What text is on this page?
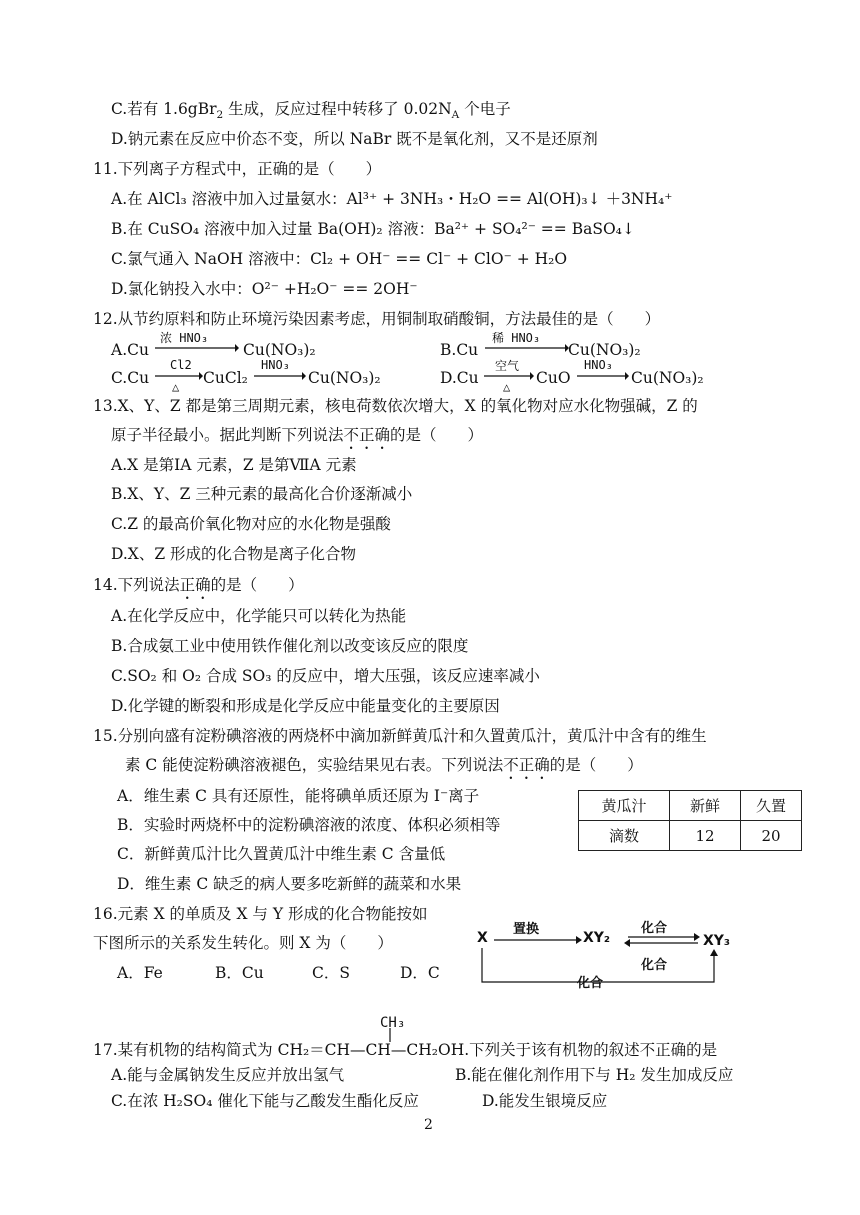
C.若有 1.6gBr$_2$ 生成，反应过程中转移了 $0.02N_A$ 个电子
D.钠元素在反应中价态不变，所以 NaBr 既不是氧化剂，又不是还原剂
11.下列离子方程式中，正确的是（　　）
A.在 AlCl₃ 溶液中加入过量氨水：Al³⁺ + 3NH₃・H₂O == Al(OH)₃↓ ＋3NH₄⁺
B.在 CuSO₄ 溶液中加入过量 Ba(OH)₂ 溶液：Ba²⁺ + SO₄²⁻ == BaSO₄↓
C.氯气通入 NaOH 溶液中：Cl₂ + OH⁻ == Cl⁻ + ClO⁻ + H₂O
D.氯化钠投入水中：O²⁻ +H₂O⁻ == 2OH⁻
12.从节约原料和防止环境污染因素考虑，用铜制取硝酸铜，方法最佳的是（　　）
A.Cu
浓 HNO₃
Cu(NO₃)₂	B.Cu
稀 HNO₃
Cu(NO₃)₂
C.Cu
Cl2
△ CuCl₂
HNO₃
Cu(NO₃)₂	D.Cu
空气
△ CuO
HNO₃
Cu(NO₃)₂
13.X、Y、Z 都是第三周期元素，核电荷数依次增大，X 的氧化物对应水化物强碱，Z 的
原子半径最小。据此判断下列说法不正确的是（　　）
A.X 是第ⅠA 元素，Z 是第ⅦA 元素
B.X、Y、Z 三种元素的最高化合价逐渐减小
C.Z 的最高价氧化物对应的水化物是强酸
D.X、Z 形成的化合物是离子化合物
14.下列说法正确的是（　　）
A.在化学反应中，化学能只可以转化为热能
B.合成氨工业中使用铁作催化剂以改变该反应的限度
C.SO₂ 和 O₂ 合成 SO₃ 的反应中，增大压强，该反应速率减小
D.化学键的断裂和形成是化学反应中能量变化的主要原因
15.分别向盛有淀粉碘溶液的两烧杯中滴加新鲜黄瓜汁和久置黄瓜汁，黄瓜汁中含有的维生
素 C 能使淀粉碘溶液褪色，实验结果见右表。下列说法不正确的是（　　）
A．维生素 C 具有还原性，能将碘单质还原为 I⁻离子
B．实验时两烧杯中的淀粉碘溶液的浓度、体积必须相等
C．新鲜黄瓜汁比久置黄瓜汁中维生素 C 含量低
D．维生素 C 缺乏的病人要多吃新鲜的蔬菜和水果
黄瓜汁	新鲜	久置
滴数	12	20
16.元素 X 的单质及 X 与 Y 形成的化合物能按如
下图所示的关系发生转化。则 X 为（　　）
A．Fe	B．Cu	C．S	D．C
X	XY₂	XY₃
置换	化合
化合
化合
CH₃
17.某有机物的结构简式为 CH₂＝CH—CH—CH₂OH.下列关于该有机物的叙述不正确的是
A.能与金属钠发生反应并放出氢气	B.能在催化剂作用下与 H₂ 发生加成反应
C.在浓 H₂SO₄ 催化下能与乙酸发生酯化反应	D.能发生银境反应
2
